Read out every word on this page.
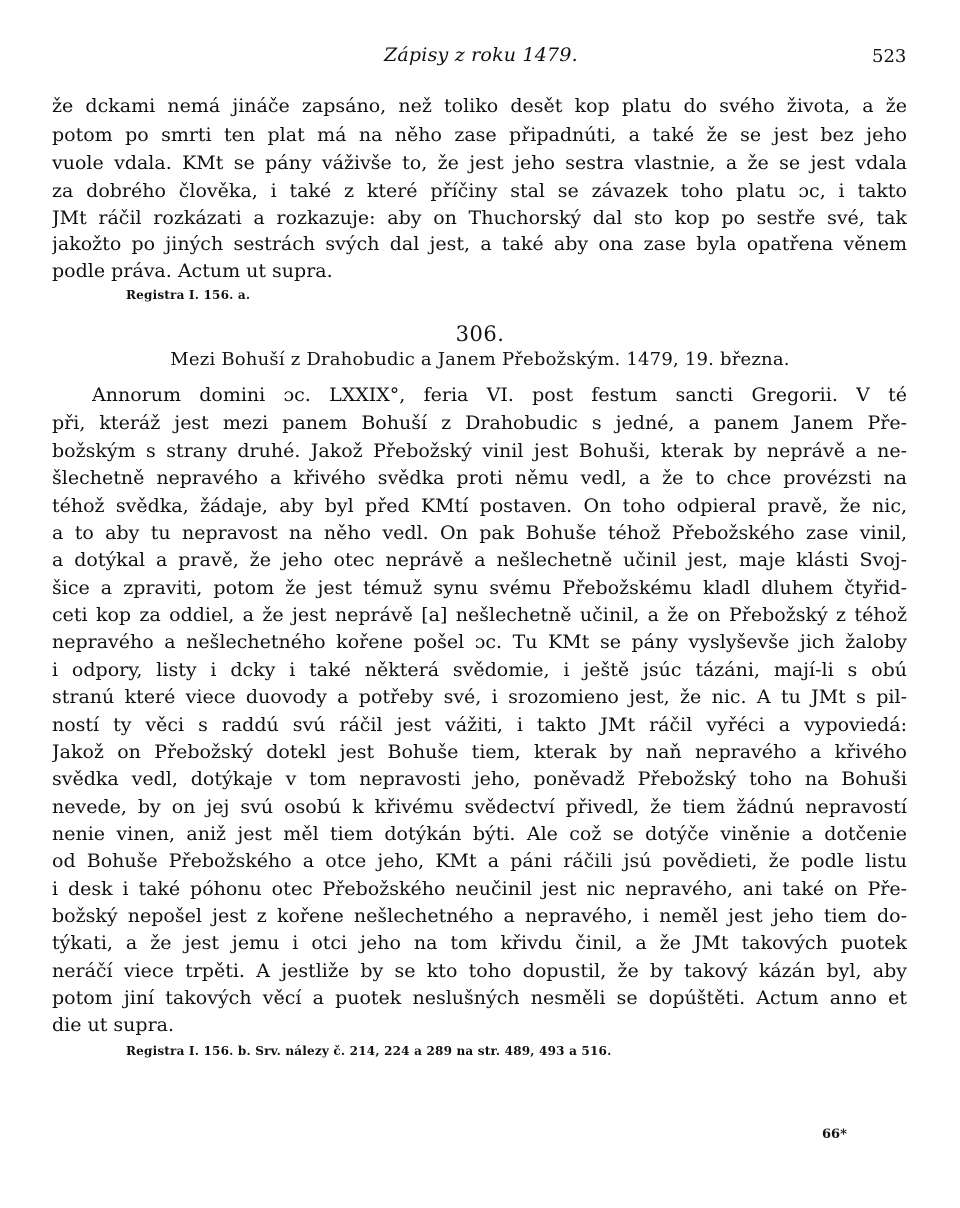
Zápisy z roku 1479.	523
že dckami nemá jináče zapsáno, než toliko desět kop platu do svého života, a že
potom po smrti ten plat má na něho zase připadnúti, a také že se jest bez jeho
vuole vdala. KMt se pány váživše to, že jest jeho sestra vlastnie, a že se jest vdala
za dobrého člověka, i také z které příčiny stal se závazek toho platu ɔc, i takto
JMt ráčil rozkázati a rozkazuje: aby on Thuchorský dal sto kop po sestře své, tak
jakožto po jiných sestrách svých dal jest, a také aby ona zase byla opatřena věnem
podle práva. Actum ut supra.
Registra I. 156. a.
306.
Mezi Bohuší z Drahobudic a Janem Přebožským. 1479, 19. března.
Annorum domini ɔc. LXXIX°, feria VI. post festum sancti Gregorii. V té
při, kteráž jest mezi panem Bohuší z Drahobudic s jedné, a panem Janem Pře-
božským s strany druhé. Jakož Přebožský vinil jest Bohuši, kterak by neprávě a ne-
šlechetně nepravého a křivého svědka proti němu vedl, a že to chce provézsti na
téhož svědka, žádaje, aby byl před KMtí postaven. On toho odpieral pravě, že nic,
a to aby tu nepravost na něho vedl. On pak Bohuše téhož Přebožského zase vinil,
a dotýkal a pravě, že jeho otec neprávě a nešlechetně učinil jest, maje klásti Svoj-
šice a zpraviti, potom že jest témuž synu svému Přebožskému kladl dluhem čtyřid-
ceti kop za oddiel, a že jest neprávě [a] nešlechetně učinil, a že on Přebožský z téhož
nepravého a nešlechetného kořene pošel ɔc. Tu KMt se pány vyslyševše jich žaloby
i odpory, listy i dcky i také některá svědomie, i ještě jsúc tázáni, mají-li s obú
stranú které viece duovody a potřeby své, i srozomieno jest, že nic. A tu JMt s pil-
ností ty věci s raddú svú ráčil jest vážiti, i takto JMt ráčil vyřéci a vypoviedá:
Jakož on Přebožský dotekl jest Bohuše tiem, kterak by naň nepravého a křivého
svědka vedl, dotýkaje v tom nepravosti jeho, poněvadž Přebožský toho na Bohuši
nevede, by on jej svú osobú k křivému svědectví přivedl, že tiem žádnú nepravostí
nenie vinen, aniž jest měl tiem dotýkán býti. Ale což se dotýče viněnie a dotčenie
od Bohuše Přebožského a otce jeho, KMt a páni ráčili jsú povědieti, že podle listu
i desk i také póhonu otec Přebožského neučinil jest nic nepravého, ani také on Pře-
božský nepošel jest z kořene nešlechetného a nepravého, i neměl jest jeho tiem do-
týkati, a že jest jemu i otci jeho na tom křivdu činil, a že JMt takových puotek
neráčí viece trpěti. A jestliže by se kto toho dopustil, že by takový kázán byl, aby
potom jiní takových věcí a puotek neslušných nesměli se dopúštěti. Actum anno et
die ut supra.
Registra I. 156. b. Srv. nálezy č. 214, 224 a 289 na str. 489, 493 a 516.
66*
